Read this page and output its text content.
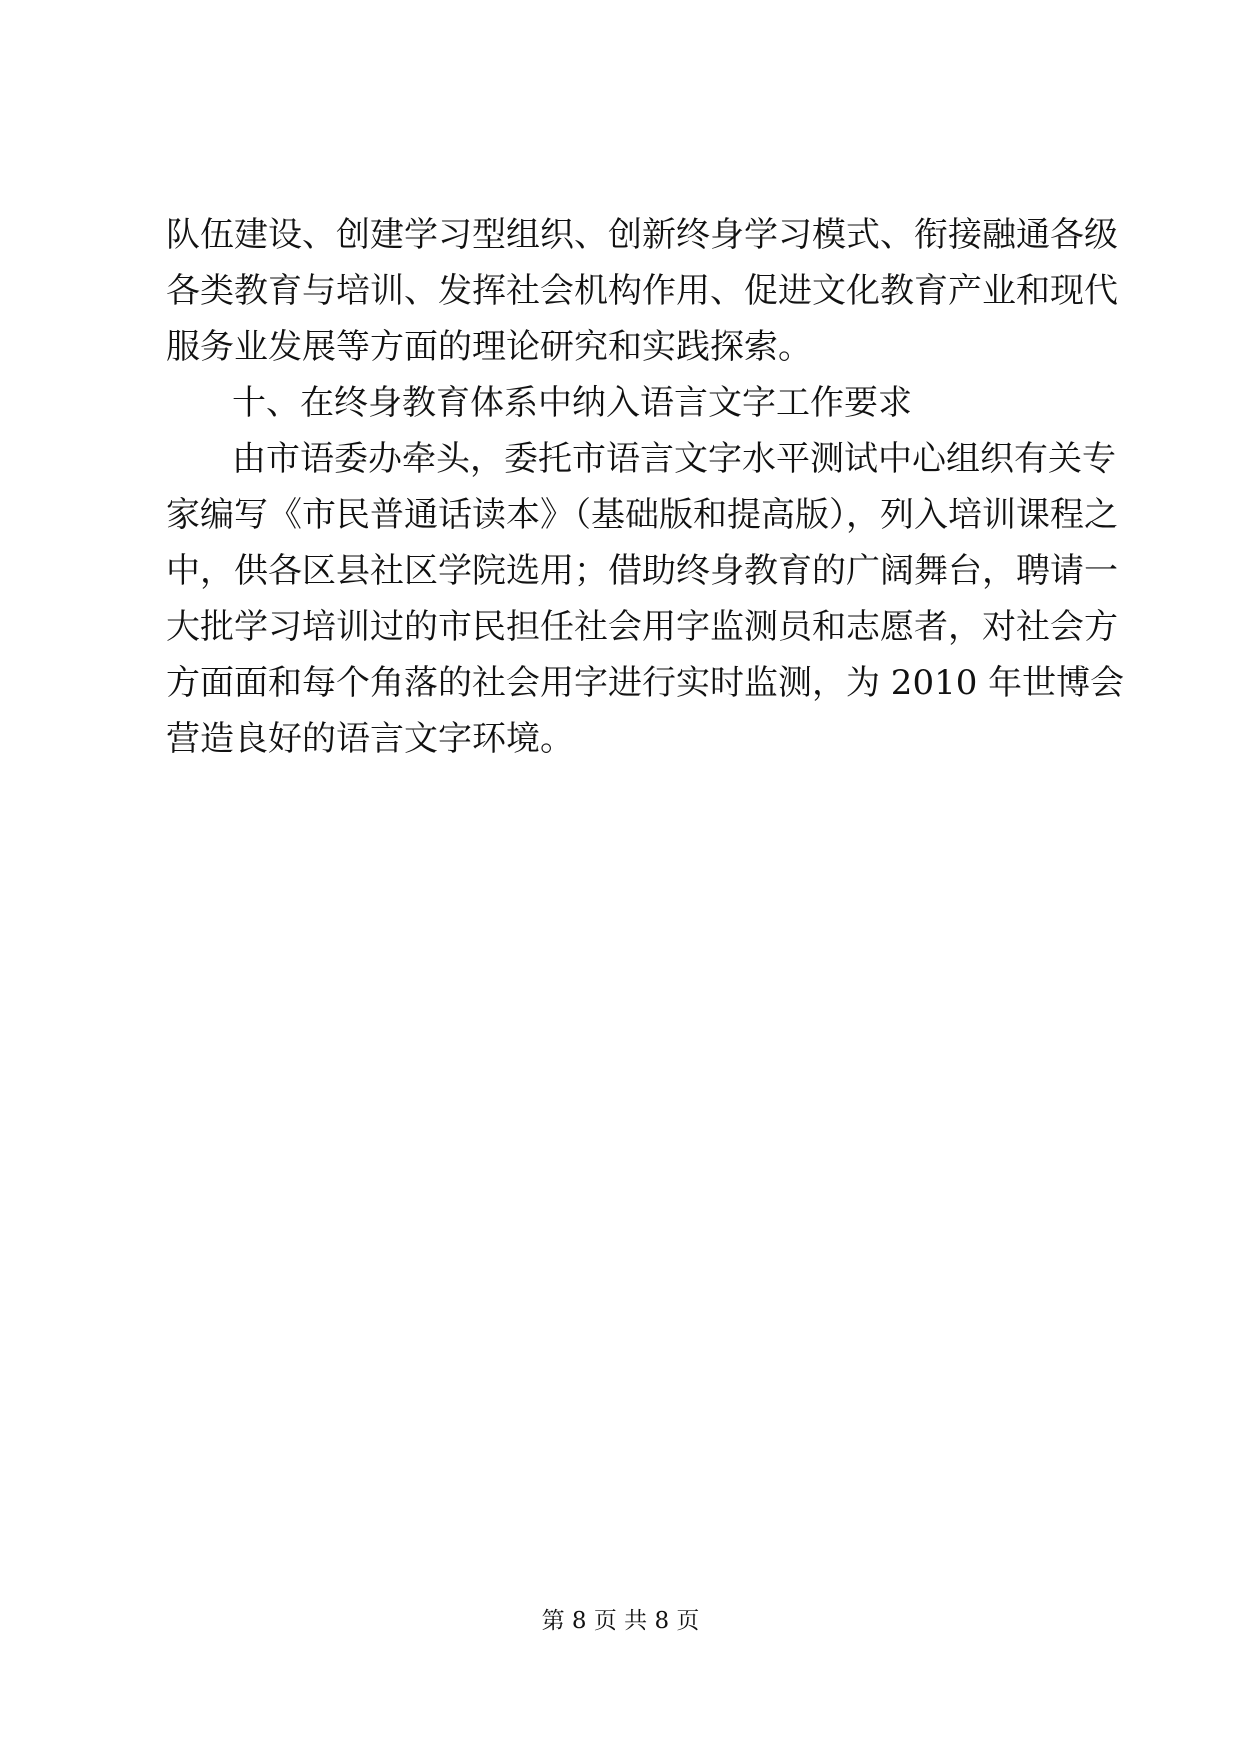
队伍建设、创建学习型组织、创新终身学习模式、衔接融通各级
各类教育与培训、发挥社会机构作用、促进文化教育产业和现代
服务业发展等方面的理论研究和实践探索。
十、在终身教育体系中纳入语言文字工作要求
由市语委办牵头，委托市语言文字水平测试中心组织有关专
家编写《市民普通话读本》（基础版和提高版），列入培训课程之
中，供各区县社区学院选用；借助终身教育的广阔舞台，聘请一
大批学习培训过的市民担任社会用字监测员和志愿者，对社会方
方面面和每个角落的社会用字进行实时监测，为 2010 年世博会
营造良好的语言文字环境。
第 8 页 共 8 页
